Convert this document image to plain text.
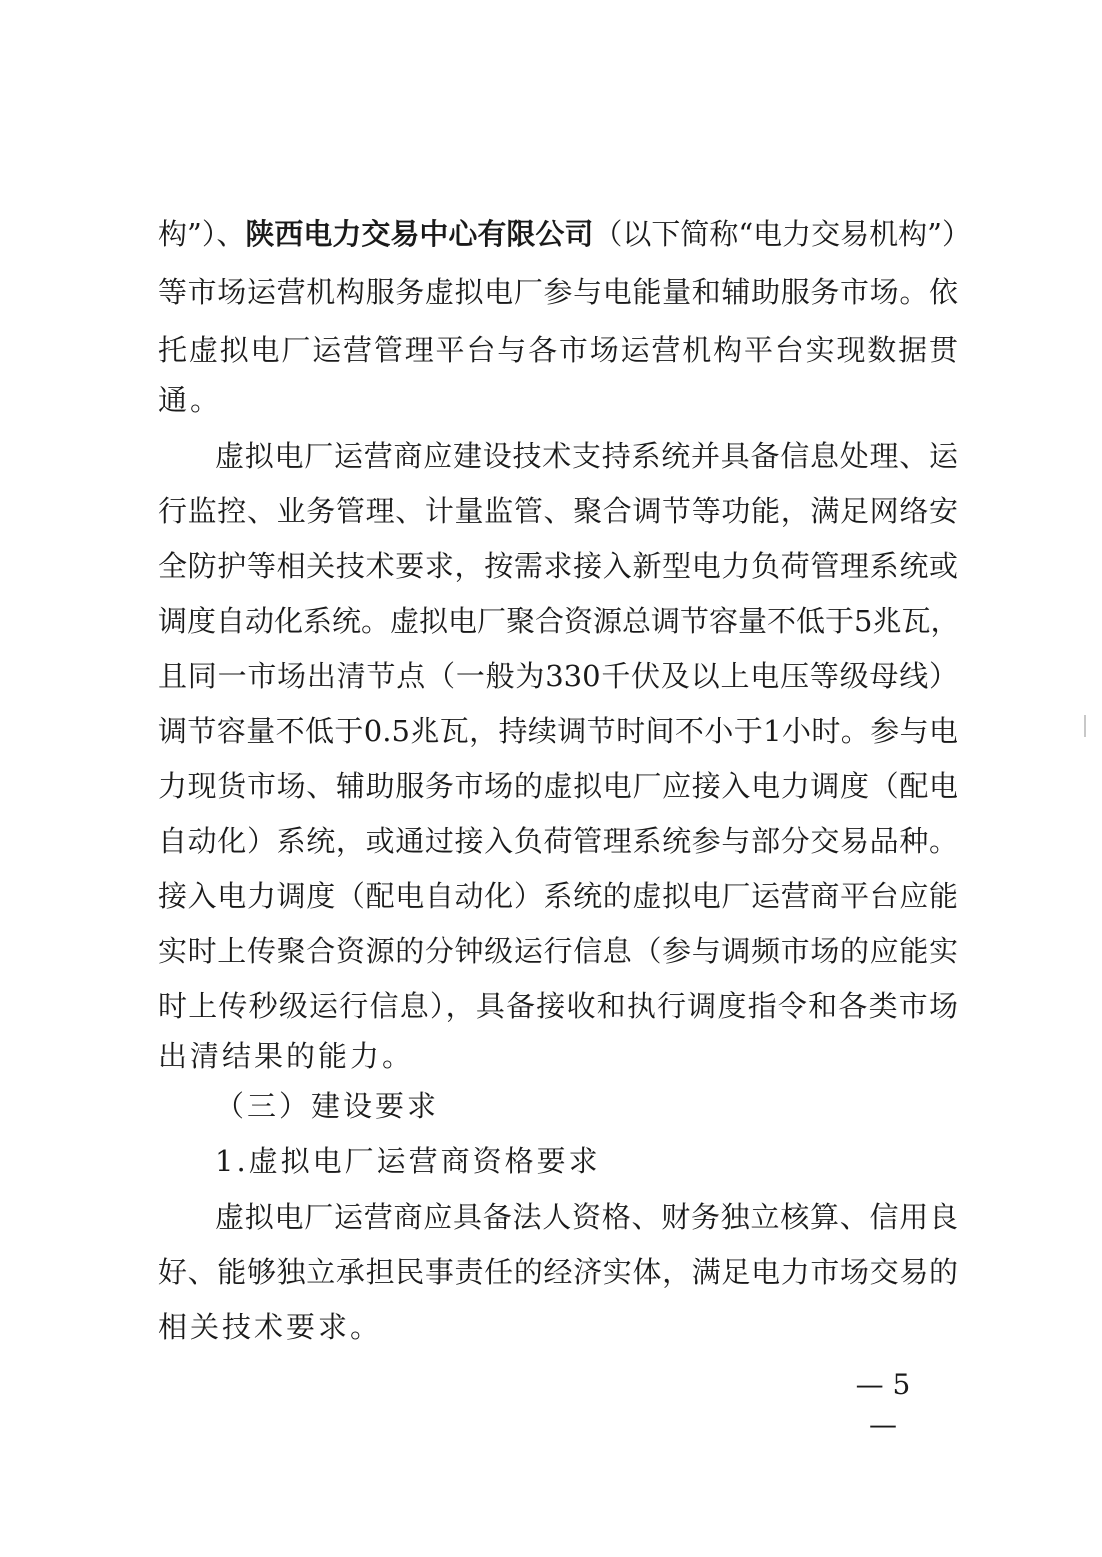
构”）、陕西电力交易中心有限公司（以下简称“电力交易机构”）
等市场运营机构服务虚拟电厂参与电能量和辅助服务市场。依
托虚拟电厂运营管理平台与各市场运营机构平台实现数据贯
通。
虚拟电厂运营商应建设技术支持系统并具备信息处理、运
行监控、业务管理、计量监管、聚合调节等功能，满足网络安
全防护等相关技术要求，按需求接入新型电力负荷管理系统或
调度自动化系统。虚拟电厂聚合资源总调节容量不低于5兆瓦，
且同一市场出清节点（一般为330千伏及以上电压等级母线）
调节容量不低于0.5兆瓦，持续调节时间不小于1小时。参与电
力现货市场、辅助服务市场的虚拟电厂应接入电力调度（配电
自动化）系统，或通过接入负荷管理系统参与部分交易品种。
接入电力调度（配电自动化）系统的虚拟电厂运营商平台应能
实时上传聚合资源的分钟级运行信息（参与调频市场的应能实
时上传秒级运行信息），具备接收和执行调度指令和各类市场
出清结果的能力。
（三）建设要求
1.虚拟电厂运营商资格要求
虚拟电厂运营商应具备法人资格、财务独立核算、信用良
好、能够独立承担民事责任的经济实体，满足电力市场交易的
相关技术要求。
— 5 —
